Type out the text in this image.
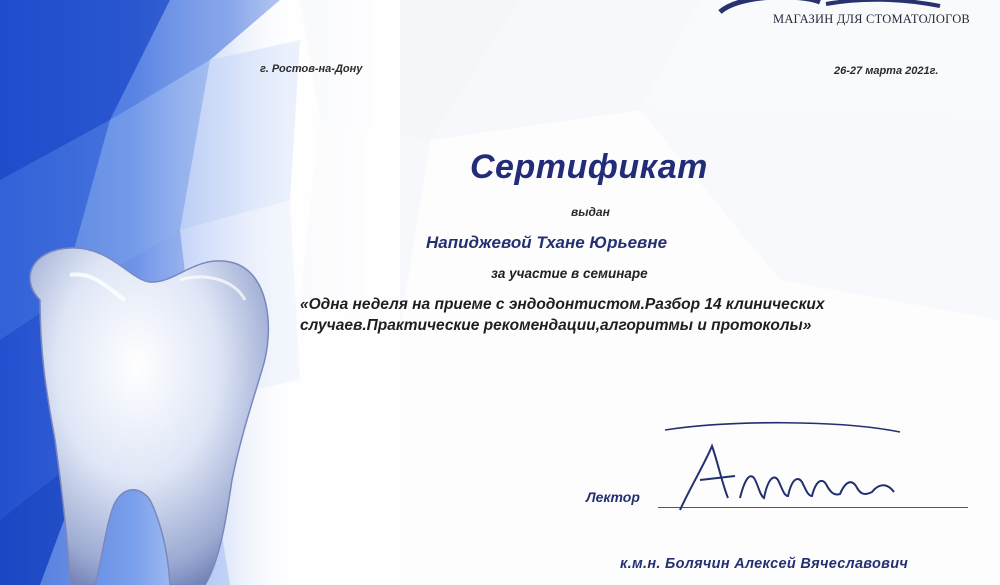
МАГАЗИН ДЛЯ СТОМАТОЛОГОВ
г. Ростов-на-Дону	26-27 марта 2021г.
Сертификат
выдан
Напиджевой Тхане Юрьевне
за участие в семинаре
«Одна неделя на приеме с эндодонтистом.Разбор 14 клинических
случаев.Практические рекомендации,алгоритмы и протоколы»
Лектор
к.м.н. Болячин Алексей Вячеславович
